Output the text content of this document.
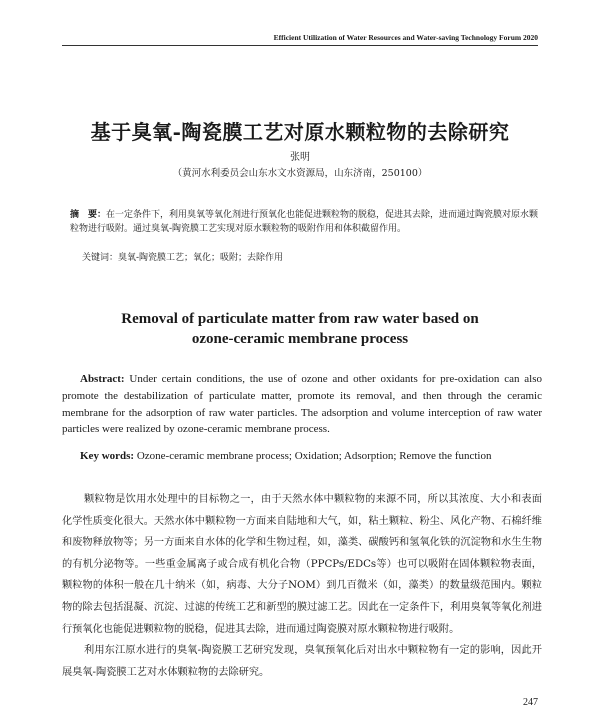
Efficient Utilization of Water Resources and Water-saving Technology Forum 2020
基于臭氧-陶瓷膜工艺对原水颗粒物的去除研究
张明
（黄河水利委员会山东水文水资源局，山东济南，250100）
摘　要：在一定条件下，利用臭氧等氧化剂进行预氧化也能促进颗粒物的脱稳，促进其去除，进而通过陶瓷膜对原水颗粒物进行吸附。通过臭氧-陶瓷膜工艺实现对原水颗粒物的吸附作用和体积截留作用。
关键词：臭氧-陶瓷膜工艺；氧化；吸附；去除作用
Removal of particulate matter from raw water based on
ozone-ceramic membrane process
Abstract: Under certain conditions, the use of ozone and other oxidants for pre-oxidation can also promote the destabilization of particulate matter, promote its removal, and then through the ceramic membrane for the adsorption of raw water particles. The adsorption and volume interception of raw water particles were realized by ozone-ceramic membrane process.
Key words: Ozone-ceramic membrane process; Oxidation; Adsorption; Remove the function

颗粒物是饮用水处理中的目标物之一，由于天然水体中颗粒物的来源不同，所以其浓度、大小和表面化学性质变化很大。天然水体中颗粒物一方面来自陆地和大气，如，粘土颗粒、粉尘、风化产物、石棉纤维和废物释放物等；另一方面来自水体的化学和生物过程，如，藻类、碳酸钙和氢氧化铁的沉淀物和水生生物的有机分泌物等。一些重金属离子或合成有机化合物（PPCPs/EDCs等）也可以吸附在固体颗粒物表面，颗粒物的体积一般在几十纳米（如，病毒、大分子NOM）到几百微米（如，藻类）的数量级范围内。颗粒物的除去包括混凝、沉淀、过滤的传统工艺和新型的膜过滤工艺。因此在一定条件下，利用臭氧等氧化剂进行预氧化也能促进颗粒物的脱稳，促进其去除，进而通过陶瓷膜对原水颗粒物进行吸附。

利用东江原水进行的臭氧-陶瓷膜工艺研究发现，臭氧预氧化后对出水中颗粒物有一定的影响，因此开展臭氧-陶瓷膜工艺对水体颗粒物的去除研究。

247
